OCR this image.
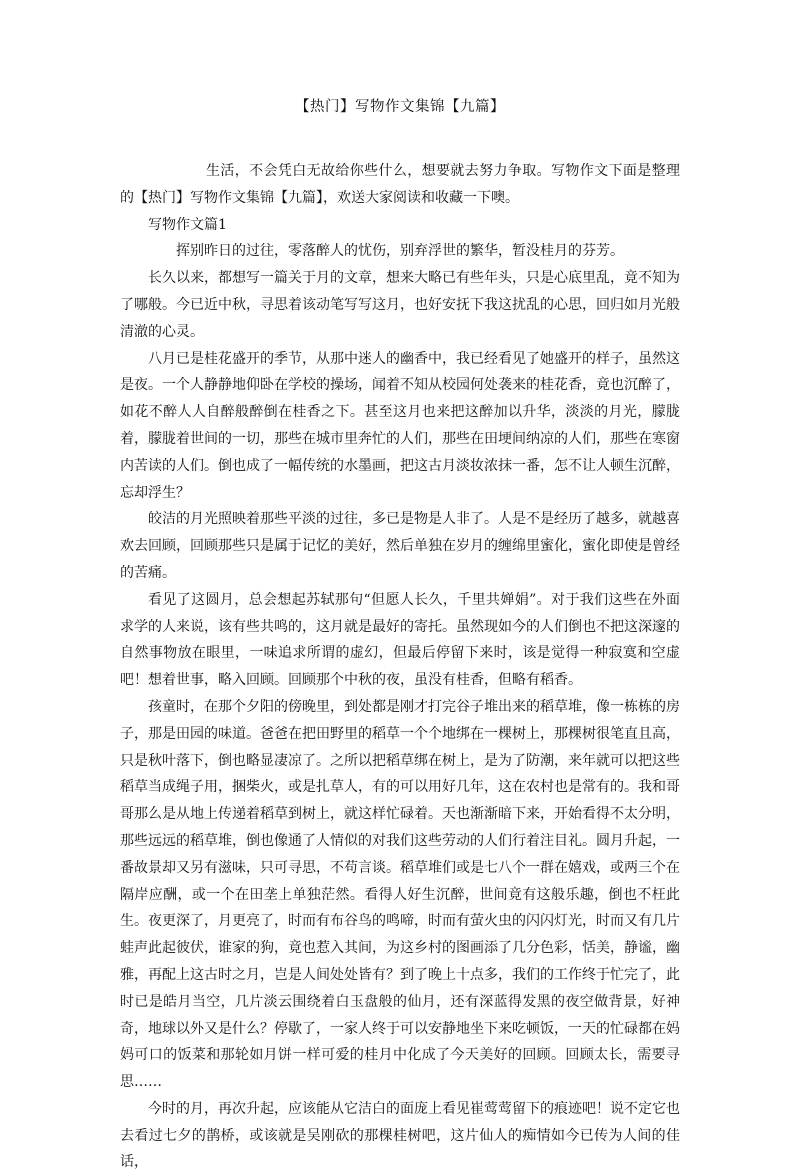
【热门】写物作文集锦【九篇】

生活，不会凭白无故给你些什么，想要就去努力争取。写物作文下面是整理的【热门】写物作文集锦【九篇】，欢送大家阅读和收藏一下噢。

写物作文篇1

挥别昨日的过往，零落醉人的忧伤，别弃浮世的繁华，暂没桂月的芬芳。

长久以来，都想写一篇关于月的文章，想来大略已有些年头，只是心底里乱，竟不知为了哪般。今已近中秋，寻思着该动笔写写这月，也好安抚下我这扰乱的心思，回归如月光般清澈的心灵。

八月已是桂花盛开的季节，从那中迷人的幽香中，我已经看见了她盛开的样子，虽然这是夜。一个人静静地仰卧在学校的操场，闻着不知从校园何处袭来的桂花香，竟也沉醉了，如花不醉人人自醉般醉倒在桂香之下。甚至这月也来把这醉加以升华，淡淡的月光，朦胧着，朦胧着世间的一切，那些在城市里奔忙的人们，那些在田埂间纳凉的人们，那些在寒窗内苦读的人们。倒也成了一幅传统的水墨画，把这古月淡妆浓抹一番，怎不让人顿生沉醉，忘却浮生？

皎洁的月光照映着那些平淡的过往，多已是物是人非了。人是不是经历了越多，就越喜欢去回顾，回顾那些只是属于记忆的美好，然后单独在岁月的缠绵里蜜化，蜜化即使是曾经的苦痛。

看见了这圆月，总会想起苏轼那句“但愿人长久，千里共婵娟”。对于我们这些在外面求学的人来说，该有些共鸣的，这月就是最好的寄托。虽然现如今的人们倒也不把这深邃的自然事物放在眼里，一味追求所谓的虚幻，但最后停留下来时，该是觉得一种寂寞和空虚吧！想着世事，略入回顾。回顾那个中秋的夜，虽没有桂香，但略有稻香。

孩童时，在那个夕阳的傍晚里，到处都是刚才打完谷子堆出来的稻草堆，像一栋栋的房子，那是田园的味道。爸爸在把田野里的稻草一个个地绑在一棵树上，那棵树很笔直且高，只是秋叶落下，倒也略显凄凉了。之所以把稻草绑在树上，是为了防潮，来年就可以把这些稻草当成绳子用，捆柴火，或是扎草人，有的可以用好几年，这在农村也是常有的。我和哥哥那么是从地上传递着稻草到树上，就这样忙碌着。天也渐渐暗下来，开始看得不太分明，那些远远的稻草堆，倒也像通了人情似的对我们这些劳动的人们行着注目礼。圆月升起，一番故景却又另有滋味，只可寻思，不苟言谈。稻草堆们或是七八个一群在嬉戏，或两三个在隔岸应酬，或一个在田垄上单独茫然。看得人好生沉醉，世间竟有这般乐趣，倒也不枉此生。夜更深了，月更亮了，时而有布谷鸟的鸣啼，时而有萤火虫的闪闪灯光，时而又有几片蛙声此起彼伏，谁家的狗，竟也惹入其间，为这乡村的图画添了几分色彩，恬美，静谧，幽雅，再配上这古时之月，岂是人间处处皆有？到了晚上十点多，我们的工作终于忙完了，此时已是皓月当空，几片淡云围绕着白玉盘般的仙月，还有深蓝得发黑的夜空做背景，好神奇，地球以外又是什么？停歇了，一家人终于可以安静地坐下来吃顿饭，一天的忙碌都在妈妈可口的饭菜和那轮如月饼一样可爱的桂月中化成了今天美好的回顾。回顾太长，需要寻思……

今时的月，再次升起，应该能从它洁白的面庞上看见崔莺莺留下的痕迹吧！说不定它也去看过七夕的鹊桥，或该就是吴刚砍的那棵桂树吧，这片仙人的痴情如今已传为人间的佳话，
